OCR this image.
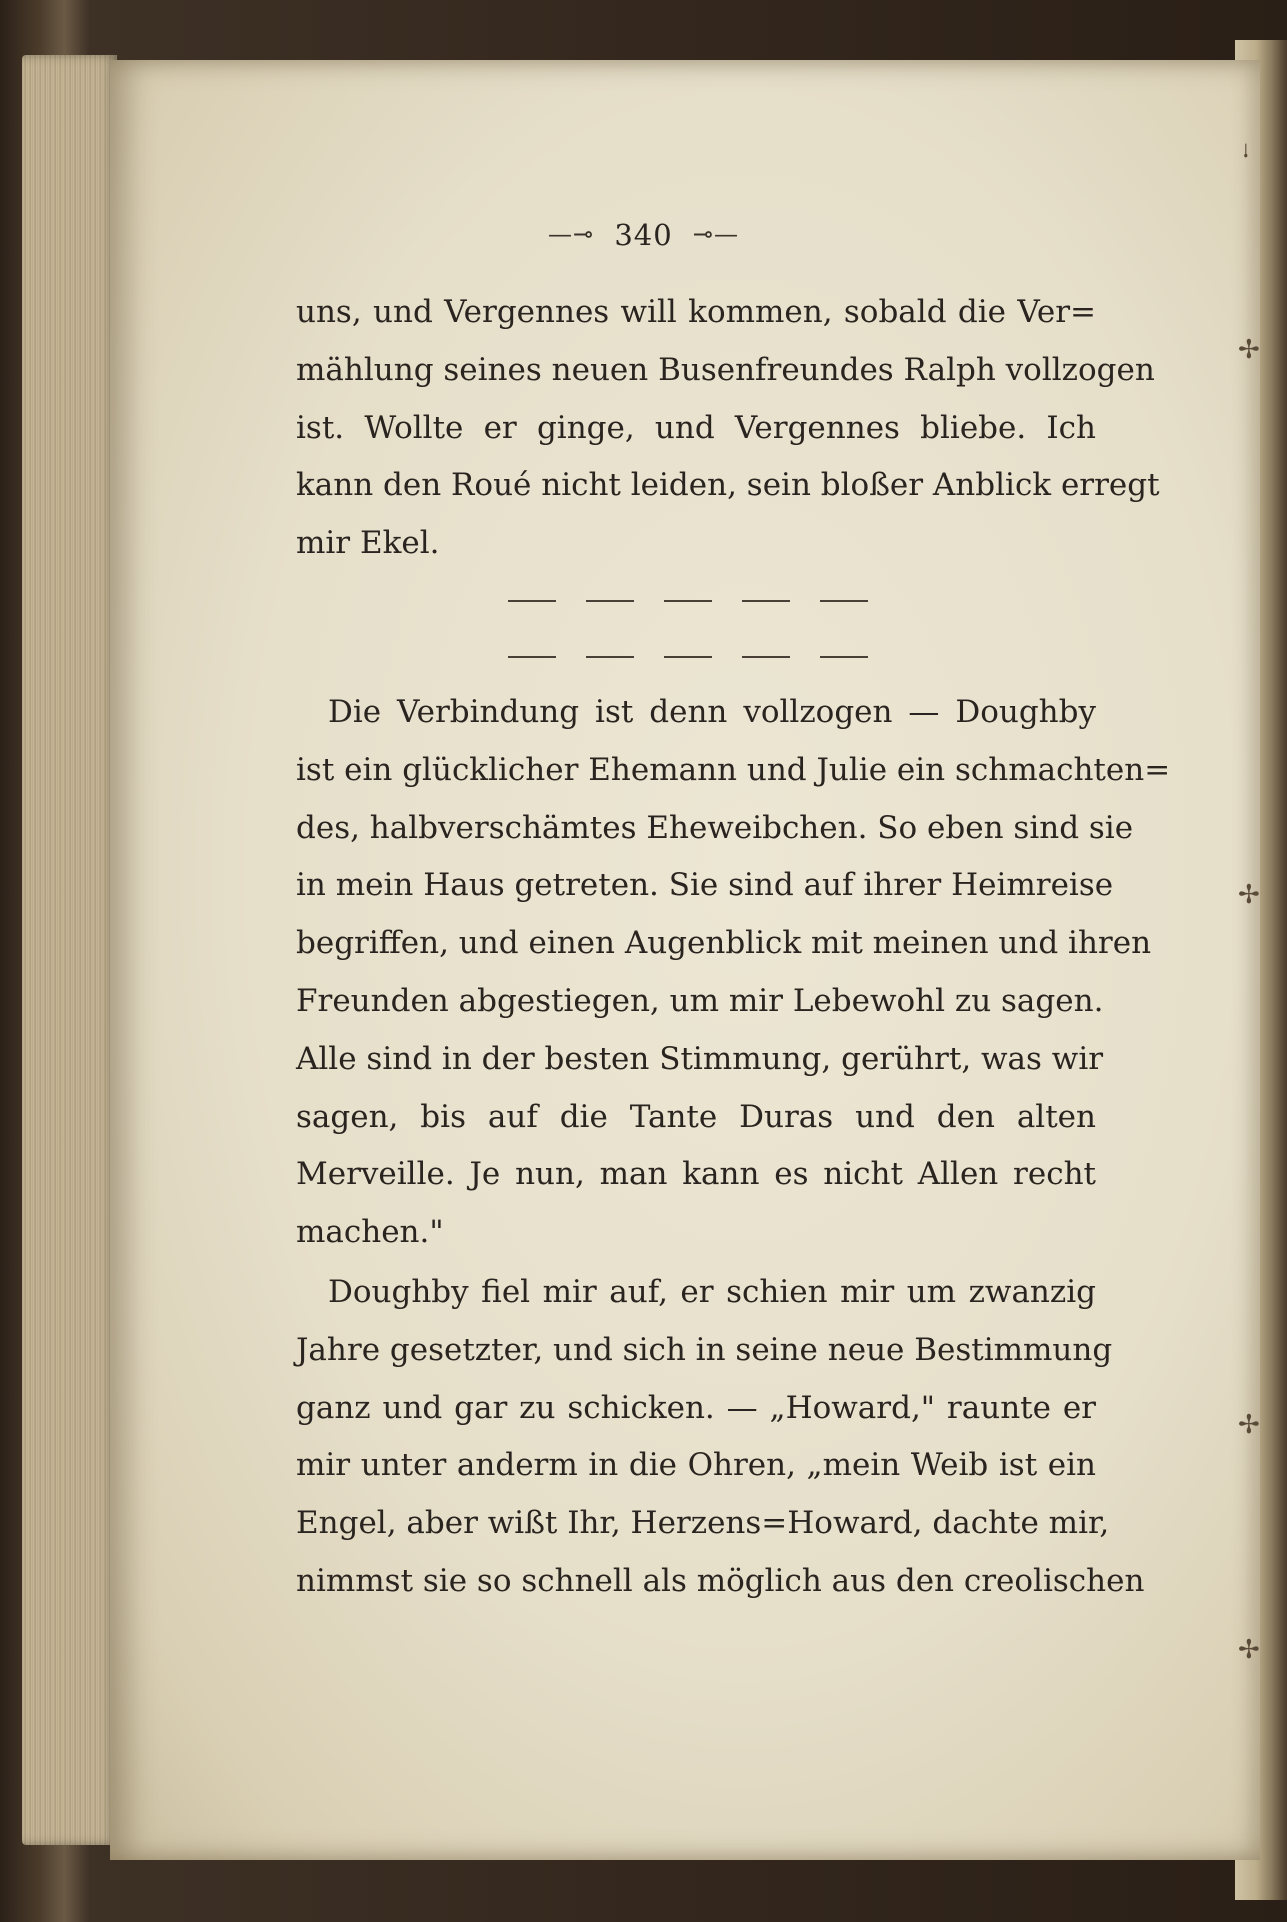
ᛍ
✢
✢
✢
✢
—⊸ 340 ⊸—
uns, und Vergennes will kommen, sobald die Ver=
mählung seines neuen Busenfreundes Ralph vollzogen
ist. Wollte er ginge, und Vergennes bliebe. Ich
kann den Roué nicht leiden, sein bloßer Anblick erregt
mir Ekel.
Die Verbindung ist denn vollzogen — Doughby
ist ein glücklicher Ehemann und Julie ein schmachten=
des, halbverschämtes Eheweibchen. So eben sind sie
in mein Haus getreten. Sie sind auf ihrer Heimreise
begriffen, und einen Augenblick mit meinen und ihren
Freunden abgestiegen, um mir Lebewohl zu sagen.
Alle sind in der besten Stimmung, gerührt, was wir
sagen, bis auf die Tante Duras und den alten
Merveille. Je nun, man kann es nicht Allen recht
machen."
Doughby fiel mir auf, er schien mir um zwanzig
Jahre gesetzter, und sich in seine neue Bestimmung
ganz und gar zu schicken. — „Howard," raunte er
mir unter anderm in die Ohren, „mein Weib ist ein
Engel, aber wißt Ihr, Herzens=Howard, dachte mir,
nimmst sie so schnell als möglich aus den creolischen
